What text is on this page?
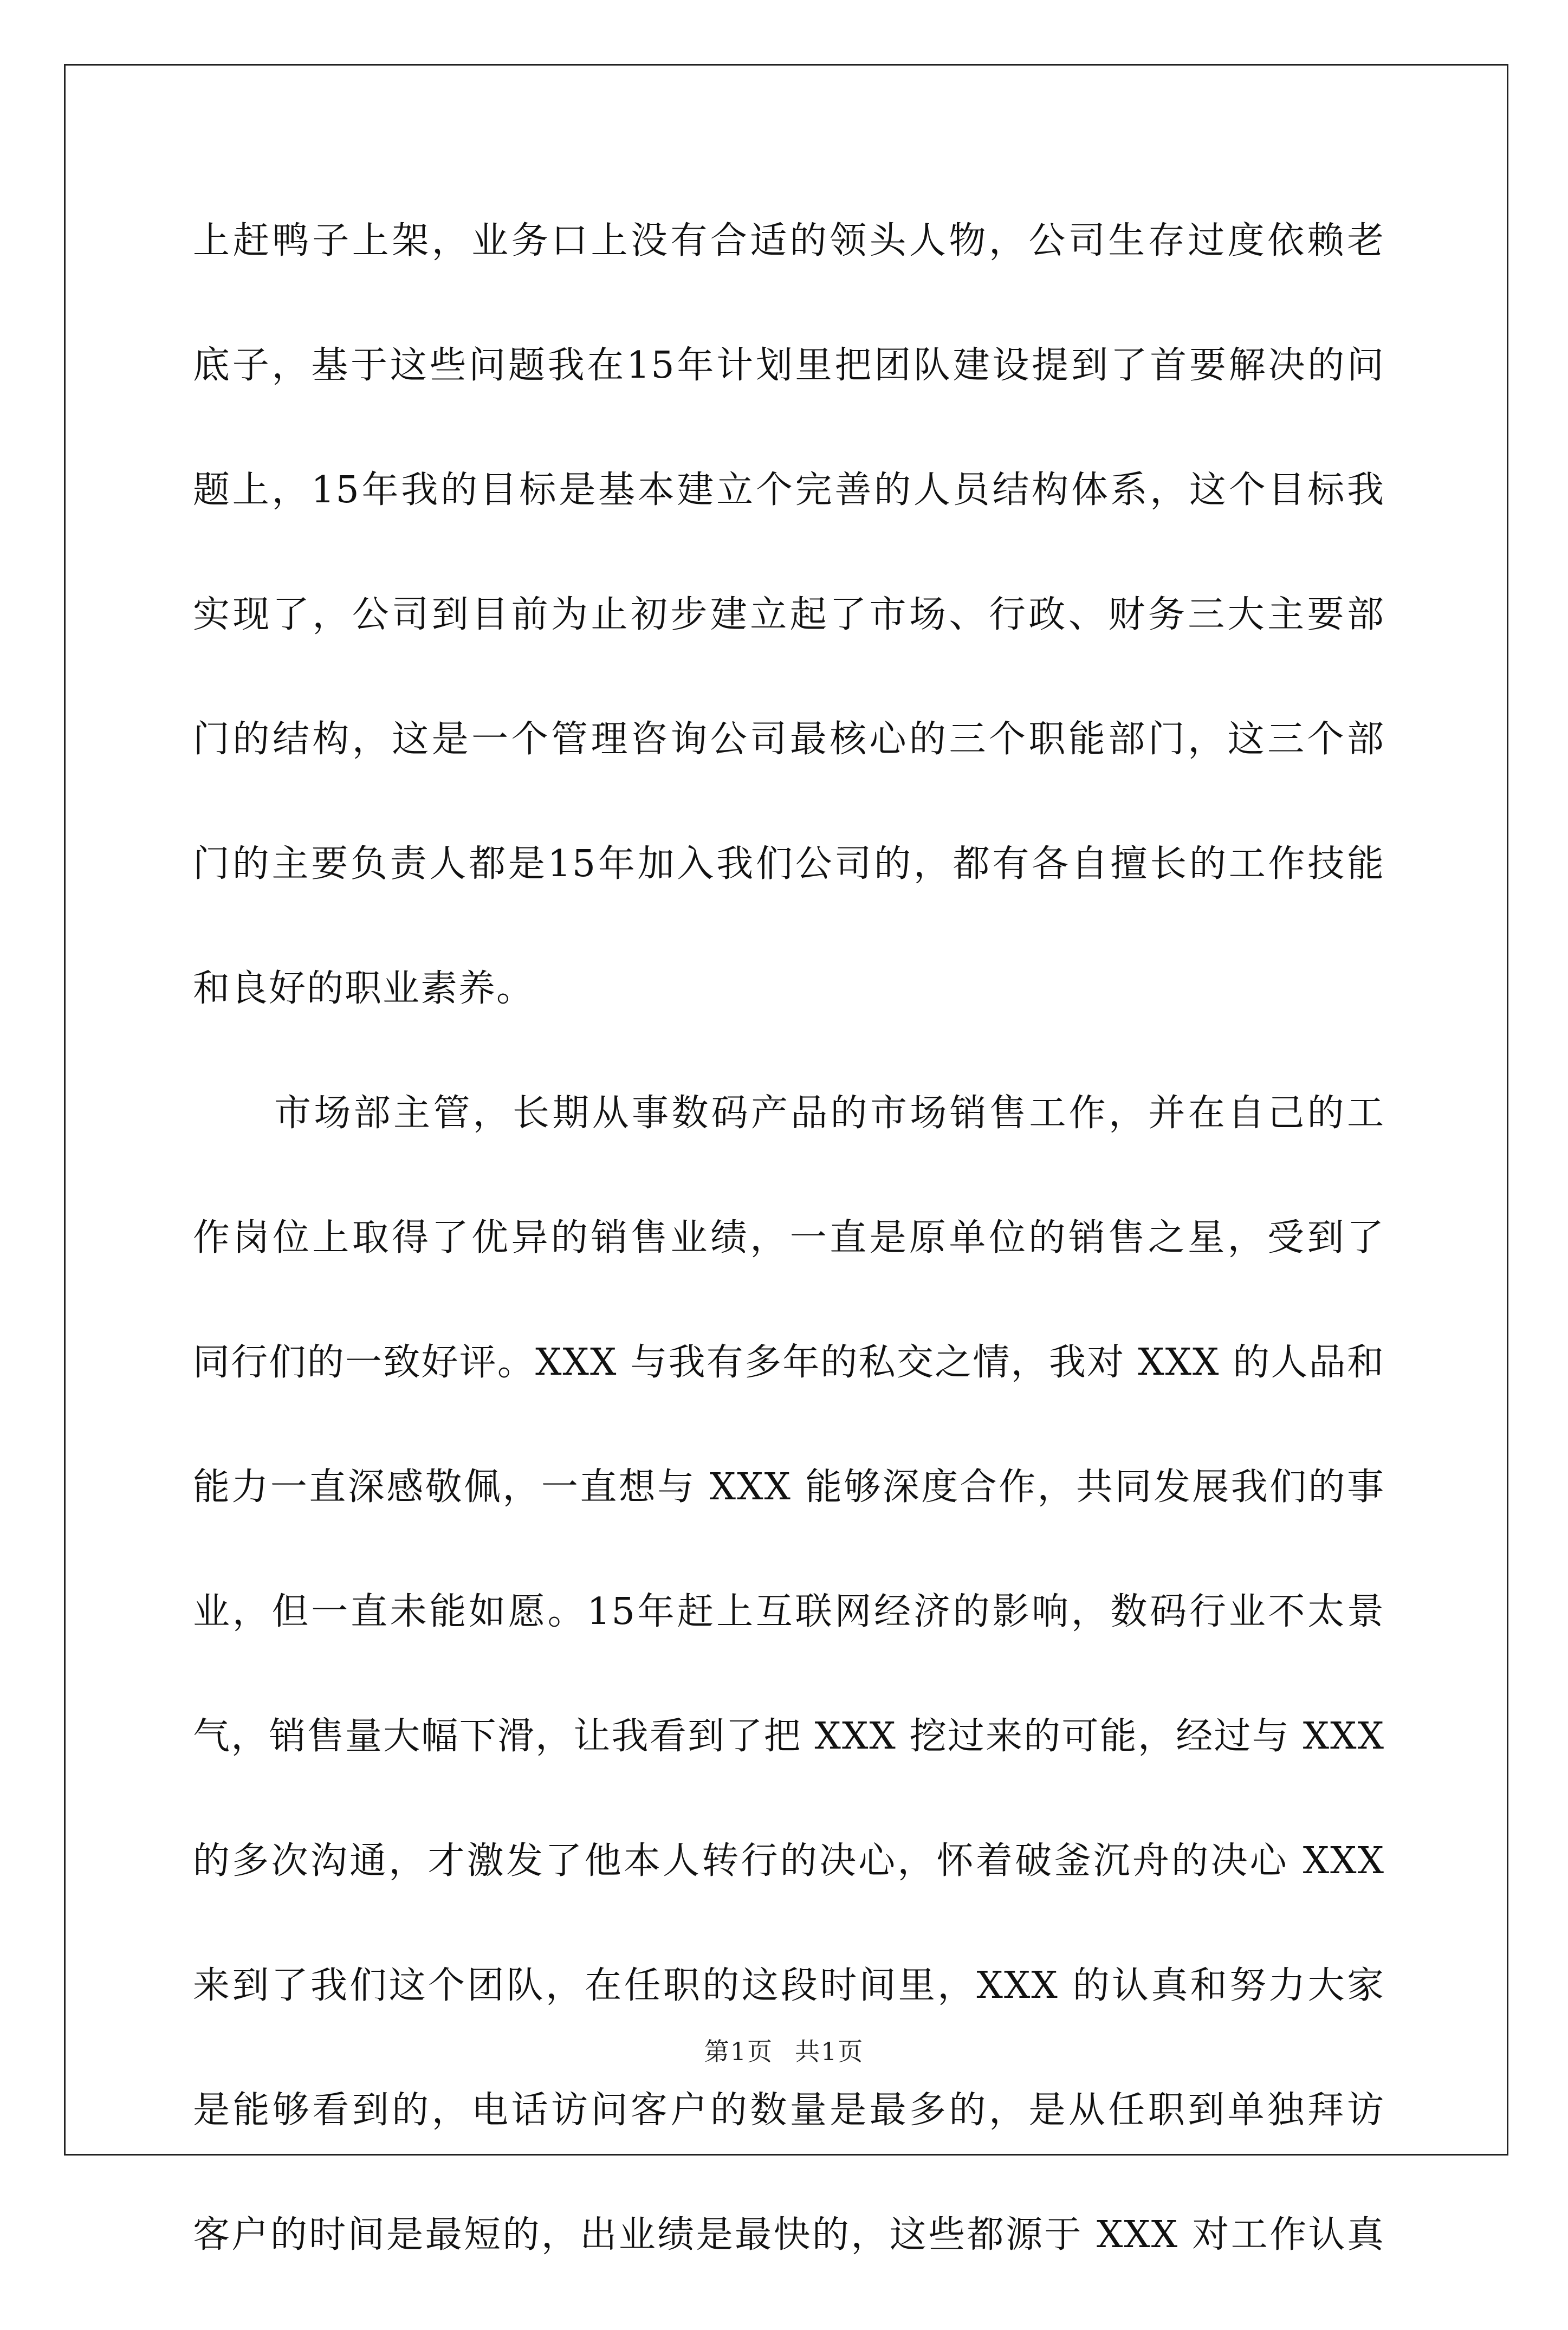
上赶鸭子上架，业务口上没有合适的领头人物，公司生存过度依赖老
底子，基于这些问题我在15年计划里把团队建设提到了首要解决的问
题上，15年我的目标是基本建立个完善的人员结构体系，这个目标我
实现了，公司到目前为止初步建立起了市场、行政、财务三大主要部
门的结构，这是一个管理咨询公司最核心的三个职能部门，这三个部
门的主要负责人都是15年加入我们公司的，都有各自擅长的工作技能
和良好的职业素养。
市场部主管，长期从事数码产品的市场销售工作，并在自己的工
作岗位上取得了优异的销售业绩，一直是原单位的销售之星，受到了
同行们的一致好评。XXX 与我有多年的私交之情，我对 XXX 的人品和
能力一直深感敬佩，一直想与 XXX 能够深度合作，共同发展我们的事
业，但一直未能如愿。15年赶上互联网经济的影响，数码行业不太景
气，销售量大幅下滑，让我看到了把 XXX 挖过来的可能，经过与 XXX
的多次沟通，才激发了他本人转行的决心，怀着破釜沉舟的决心 XXX
来到了我们这个团队，在任职的这段时间里，XXX 的认真和努力大家
是能够看到的，电话访问客户的数量是最多的，是从任职到单独拜访
客户的时间是最短的，出业绩是最快的，这些都源于 XXX 对工作认真
第1页 共1页
